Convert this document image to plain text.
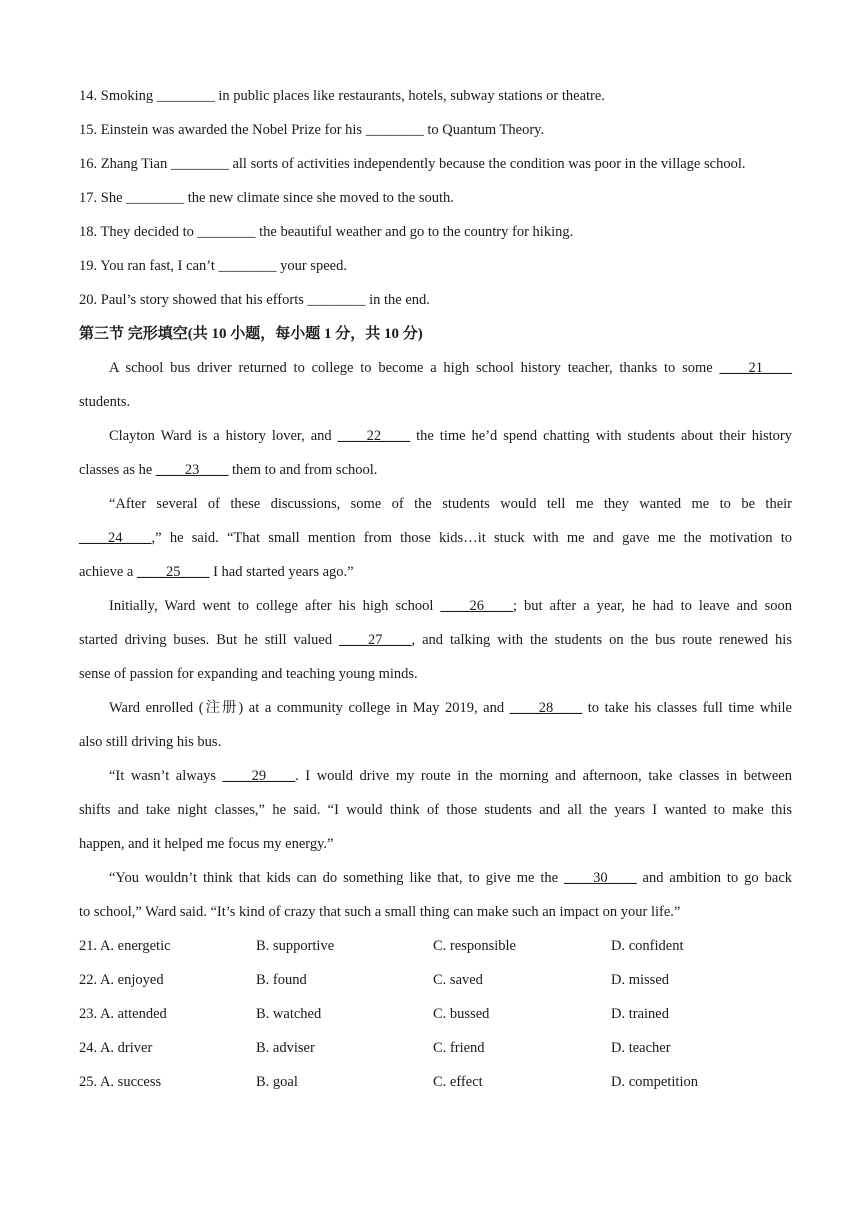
14. Smoking ________ in public places like restaurants, hotels, subway stations or theatre.
15. Einstein was awarded the Nobel Prize for his ________ to Quantum Theory.
16. Zhang Tian ________ all sorts of activities independently because the condition was poor in the village school.
17. She ________ the new climate since she moved to the south.
18. They decided to ________ the beautiful weather and go to the country for hiking.
19. You ran fast, I can’t ________ your speed.
20. Paul’s story showed that his efforts ________ in the end.
第三节 完形填空(共 10 小题，每小题 1 分，共 10 分)
A school bus driver returned to college to become a high school history teacher, thanks to some ____21____
students.
Clayton Ward is a history lover, and ____22____ the time he’d spend chatting with students about their history
classes as he ____23____ them to and from school.
“After several of these discussions, some of the students would tell me they wanted me to be their
____24____,” he said. “That small mention from those kids…it stuck with me and gave me the motivation to
achieve a ____25____ I had started years ago.”
Initially, Ward went to college after his high school ____26____; but after a year, he had to leave and soon
started driving buses. But he still valued ____27____, and talking with the students on the bus route renewed his
sense of passion for expanding and teaching young minds.
Ward enrolled (注册) at a community college in May 2019, and ____28____ to take his classes full time while
also still driving his bus.
“It wasn’t always ____29____. I would drive my route in the morning and afternoon, take classes in between
shifts and take night classes,” he said. “I would think of those students and all the years I wanted to make this
happen, and it helped me focus my energy.”
“You wouldn’t think that kids can do something like that, to give me the ____30____ and ambition to go back
to school,” Ward said. “It’s kind of crazy that such a small thing can make such an impact on your life.”
21. A. energetic	B. supportive	C. responsible	D. confident
22. A. enjoyed	B. found	C. saved	D. missed
23. A. attended	B. watched	C. bussed	D. trained
24. A. driver	B. adviser	C. friend	D. teacher
25. A. success	B. goal	C. effect	D. competition
